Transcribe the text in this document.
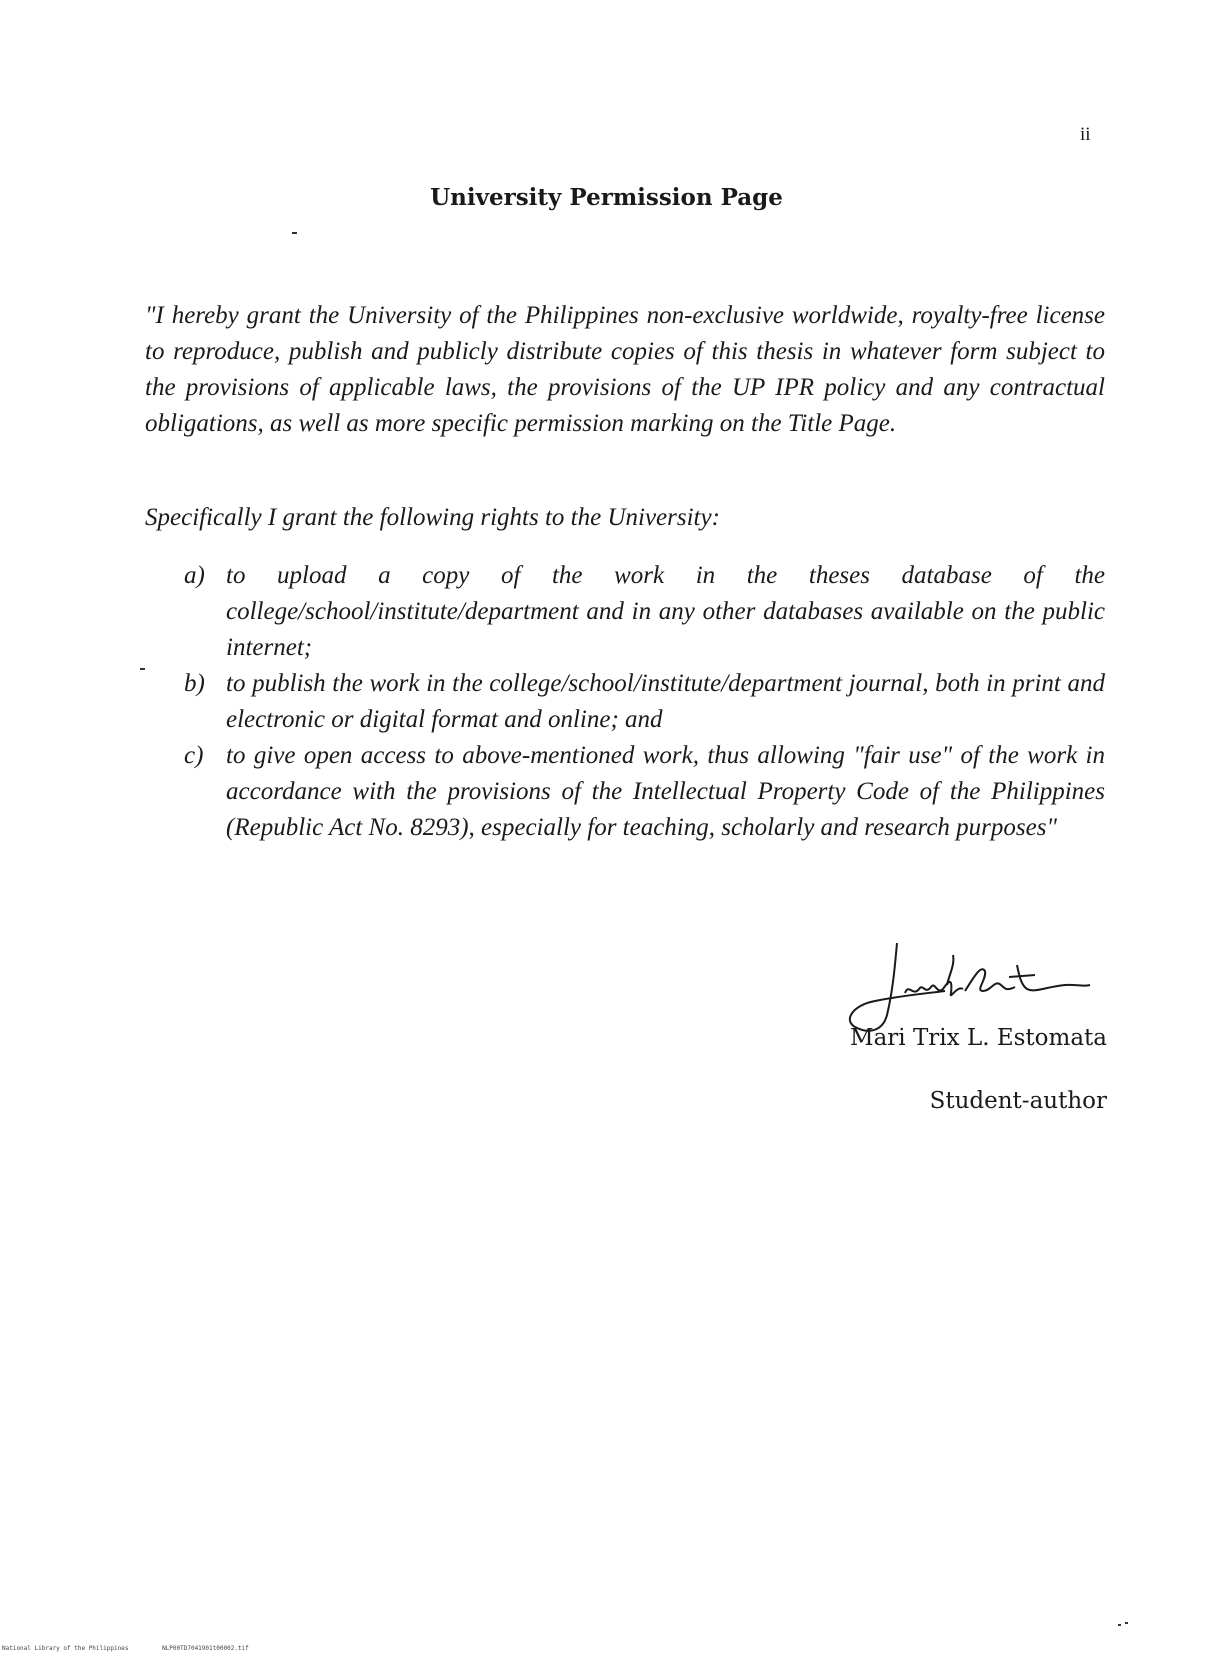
ii
University Permission Page

"I hereby grant the University of the Philippines non-exclusive worldwide, royalty-free license to reproduce, publish and publicly distribute copies of this thesis in whatever form subject to the provisions of applicable laws, the provisions of the UP IPR policy and any contractual obligations, as well as more specific permission marking on the Title Page.

Specifically I grant the following rights to the University:

a) to upload a copy of the work in the theses database of the college/school/institute/department and in any other databases available on the public internet;
b) to publish the work in the college/school/institute/department journal, both in print and electronic or digital format and online; and
c) to give open access to above-mentioned work, thus allowing "fair use" of the work in accordance with the provisions of the Intellectual Property Code of the Philippines (Republic Act No. 8293), especially for teaching, scholarly and research purposes"
Mari Trix L. Estomata
Student-author
National Library of the Philippines	NLP00TD7041901t00002.tif
